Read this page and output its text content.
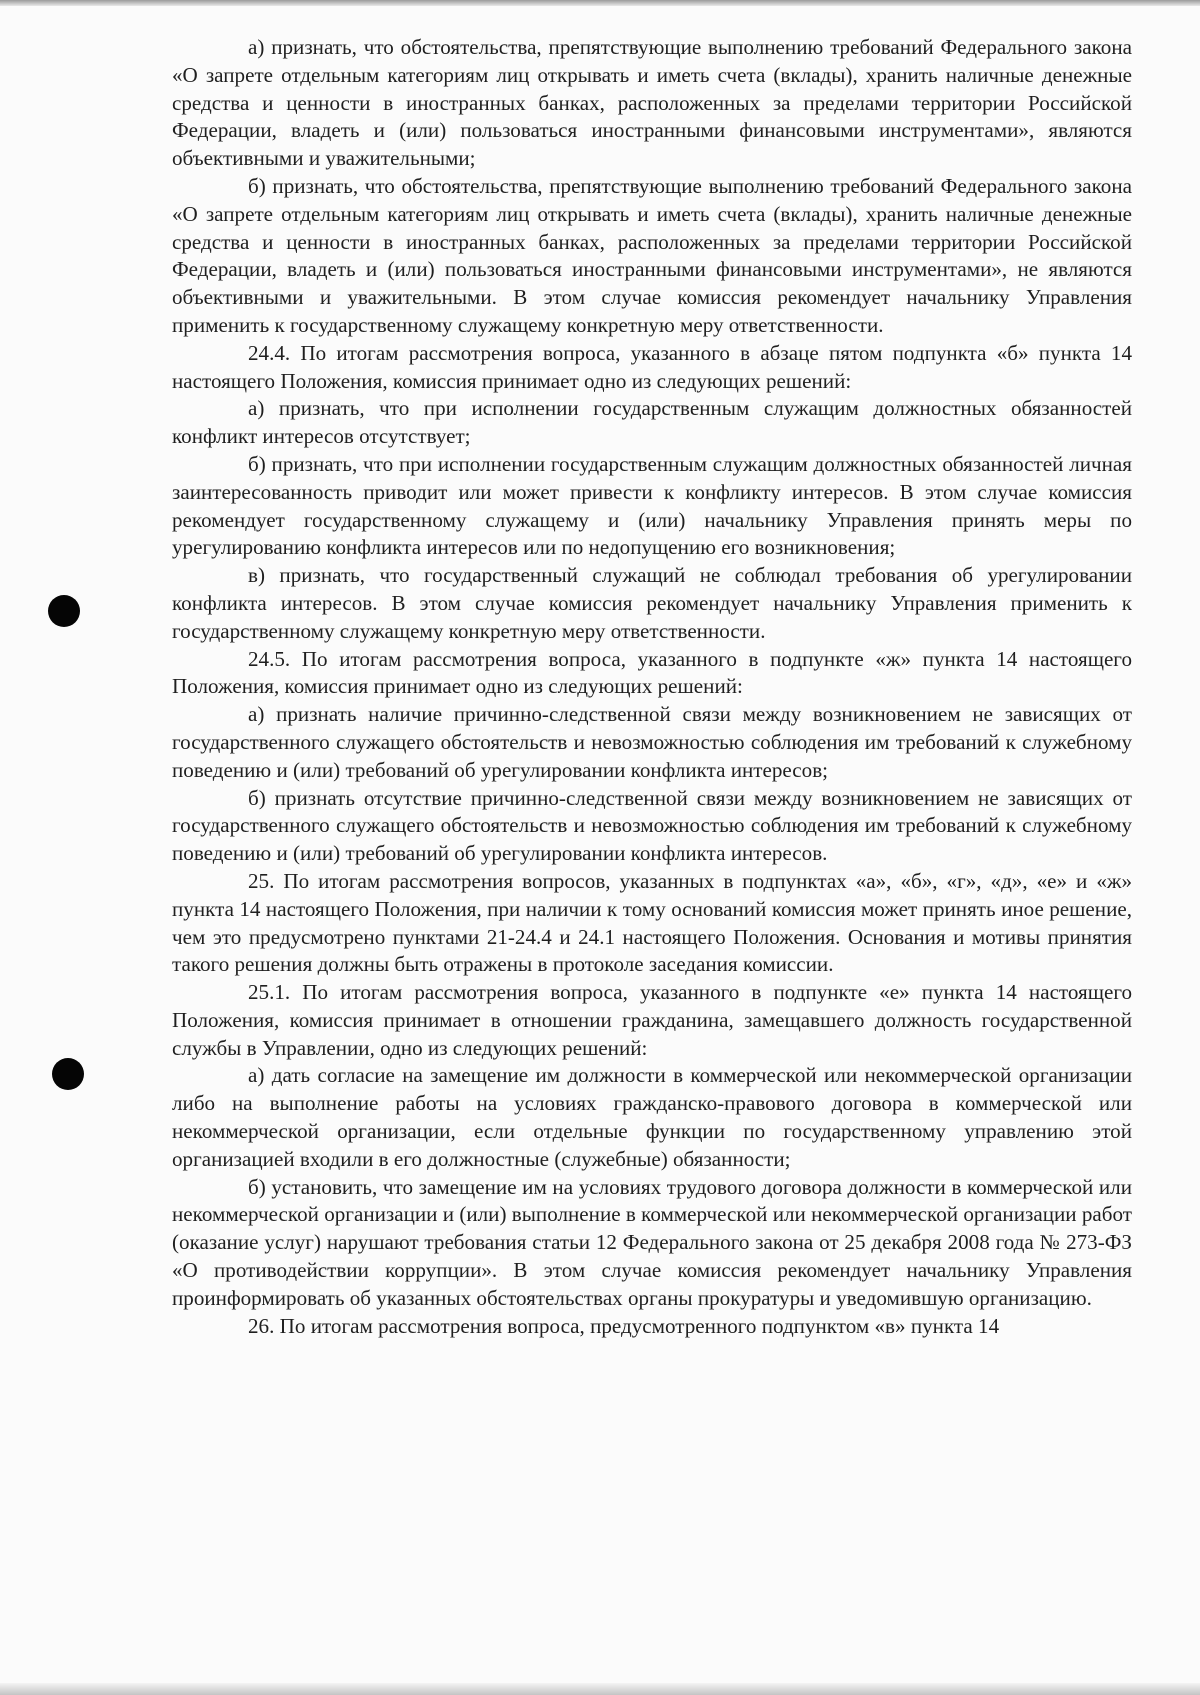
а) признать, что обстоятельства, препятствующие выполнению требований Федерального закона «О запрете отдельным категориям лиц открывать и иметь счета (вклады), хранить наличные денежные средства и ценности в иностранных банках, расположенных за пределами территории Российской Федерации, владеть и (или) пользоваться иностранными финансовыми инструментами», являются объективными и уважительными;

б) признать, что обстоятельства, препятствующие выполнению требований Федерального закона «О запрете отдельным категориям лиц открывать и иметь счета (вклады), хранить наличные денежные средства и ценности в иностранных банках, расположенных за пределами территории Российской Федерации, владеть и (или) пользоваться иностранными финансовыми инструментами», не являются объективными и уважительными. В этом случае комиссия рекомендует начальнику Управления применить к государственному служащему конкретную меру ответственности.

24.4. По итогам рассмотрения вопроса, указанного в абзаце пятом подпункта «б» пункта 14 настоящего Положения, комиссия принимает одно из следующих решений:

а) признать, что при исполнении государственным служащим должностных обязанностей конфликт интересов отсутствует;

б) признать, что при исполнении государственным служащим должностных обязанностей личная заинтересованность приводит или может привести к конфликту интересов. В этом случае комиссия рекомендует государственному служащему и (или) начальнику Управления принять меры по урегулированию конфликта интересов или по недопущению его возникновения;

в) признать, что государственный служащий не соблюдал требования об урегулировании конфликта интересов. В этом случае комиссия рекомендует начальнику Управления применить к государственному служащему конкретную меру ответственности.

24.5. По итогам рассмотрения вопроса, указанного в подпункте «ж» пункта 14 настоящего Положения, комиссия принимает одно из следующих решений:

а) признать наличие причинно-следственной связи между возникновением не зависящих от государственного служащего обстоятельств и невозможностью соблюдения им требований к служебному поведению и (или) требований об урегулировании конфликта интересов;

б) признать отсутствие причинно-следственной связи между возникновением не зависящих от государственного служащего обстоятельств и невозможностью соблюдения им требований к служебному поведению и (или) требований об урегулировании конфликта интересов.

25. По итогам рассмотрения вопросов, указанных в подпунктах «а», «б», «г», «д», «е» и «ж» пункта 14 настоящего Положения, при наличии к тому оснований комиссия может принять иное решение, чем это предусмотрено пунктами 21-24.4 и 24.1 настоящего Положения. Основания и мотивы принятия такого решения должны быть отражены в протоколе заседания комиссии.

25.1. По итогам рассмотрения вопроса, указанного в подпункте «е» пункта 14 настоящего Положения, комиссия принимает в отношении гражданина, замещавшего должность государственной службы в Управлении, одно из следующих решений:

а) дать согласие на замещение им должности в коммерческой или некоммерческой организации либо на выполнение работы на условиях гражданско-правового договора в коммерческой или некоммерческой организации, если отдельные функции по государственному управлению этой организацией входили в его должностные (служебные) обязанности;

б) установить, что замещение им на условиях трудового договора должности в коммерческой или некоммерческой организации и (или) выполнение в коммерческой или некоммерческой организации работ (оказание услуг) нарушают требования статьи 12 Федерального закона от 25 декабря 2008 года № 273-ФЗ «О противодействии коррупции». В этом случае комиссия рекомендует начальнику Управления проинформировать об указанных обстоятельствах органы прокуратуры и уведомившую организацию.

26. По итогам рассмотрения вопроса, предусмотренного подпунктом «в» пункта 14
